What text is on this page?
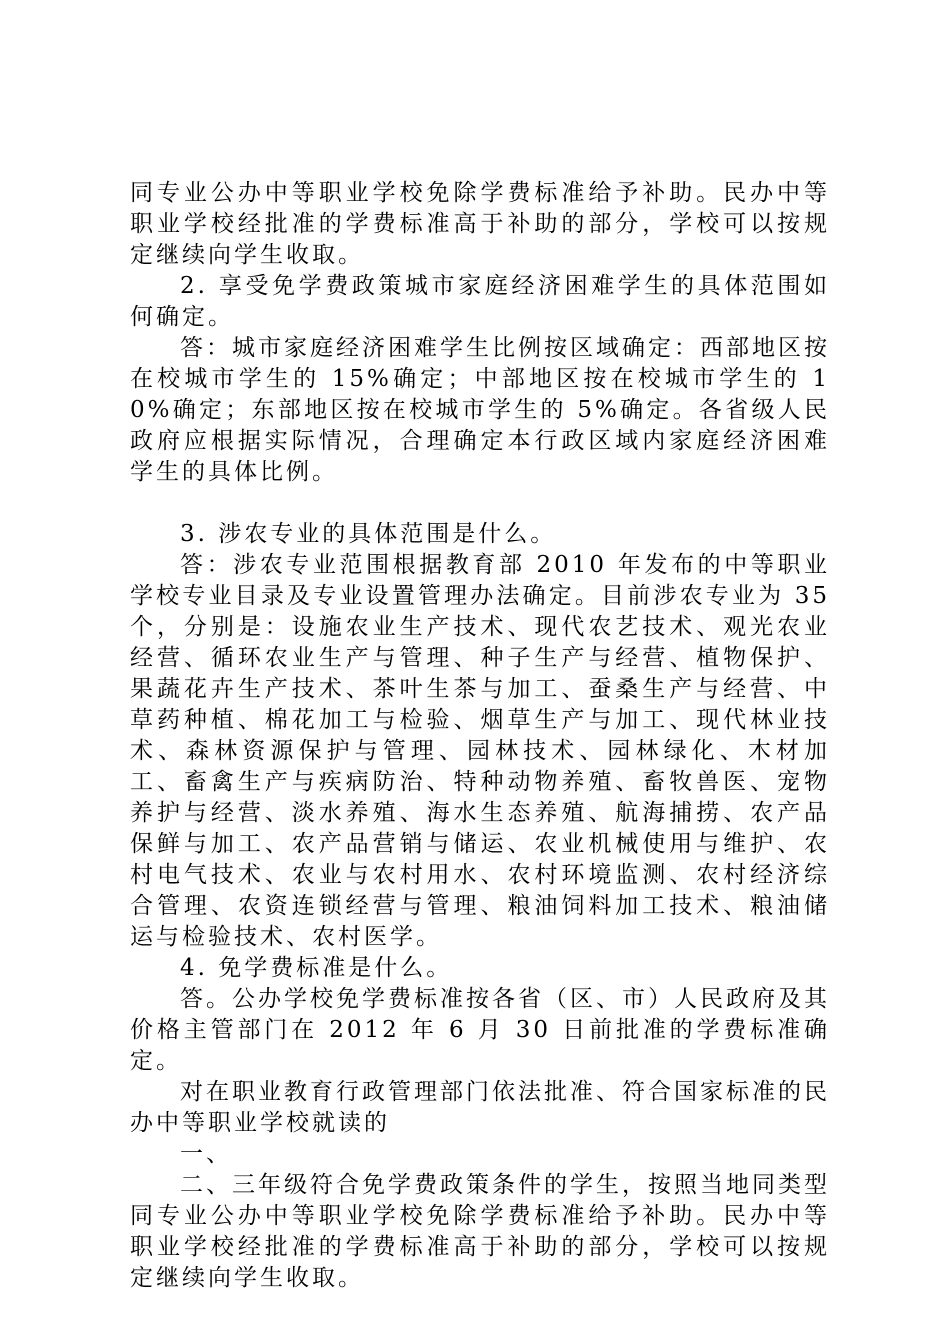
同专业公办中等职业学校免除学费标准给予补助。民办中等职业学校经批准的学费标准高于补助的部分，学校可以按规定继续向学生收取。

2. 享受免学费政策城市家庭经济困难学生的具体范围如何确定。

答：城市家庭经济困难学生比例按区域确定：西部地区按在校城市学生的 15%确定；中部地区按在校城市学生的 10%确定；东部地区按在校城市学生的 5%确定。各省级人民政府应根据实际情况，合理确定本行政区域内家庭经济困难学生的具体比例。

3. 涉农专业的具体范围是什么。

答：涉农专业范围根据教育部 2010 年发布的中等职业学校专业目录及专业设置管理办法确定。目前涉农专业为 35 个，分别是：设施农业生产技术、现代农艺技术、观光农业经营、循环农业生产与管理、种子生产与经营、植物保护、果蔬花卉生产技术、茶叶生茶与加工、蚕桑生产与经营、中草药种植、棉花加工与检验、烟草生产与加工、现代林业技术、森林资源保护与管理、园林技术、园林绿化、木材加工、畜禽生产与疾病防治、特种动物养殖、畜牧兽医、宠物养护与经营、淡水养殖、海水生态养殖、航海捕捞、农产品保鲜与加工、农产品营销与储运、农业机械使用与维护、农村电气技术、农业与农村用水、农村环境监测、农村经济综合管理、农资连锁经营与管理、粮油饲料加工技术、粮油储运与检验技术、农村医学。

4. 免学费标准是什么。

答。公办学校免学费标准按各省（区、市）人民政府及其价格主管部门在 2012 年 6 月 30 日前批准的学费标准确定。

对在职业教育行政管理部门依法批准、符合国家标准的民办中等职业学校就读的

一、

二、三年级符合免学费政策条件的学生，按照当地同类型同专业公办中等职业学校免除学费标准给予补助。民办中等职业学校经批准的学费标准高于补助的部分，学校可以按规定继续向学生收取。
